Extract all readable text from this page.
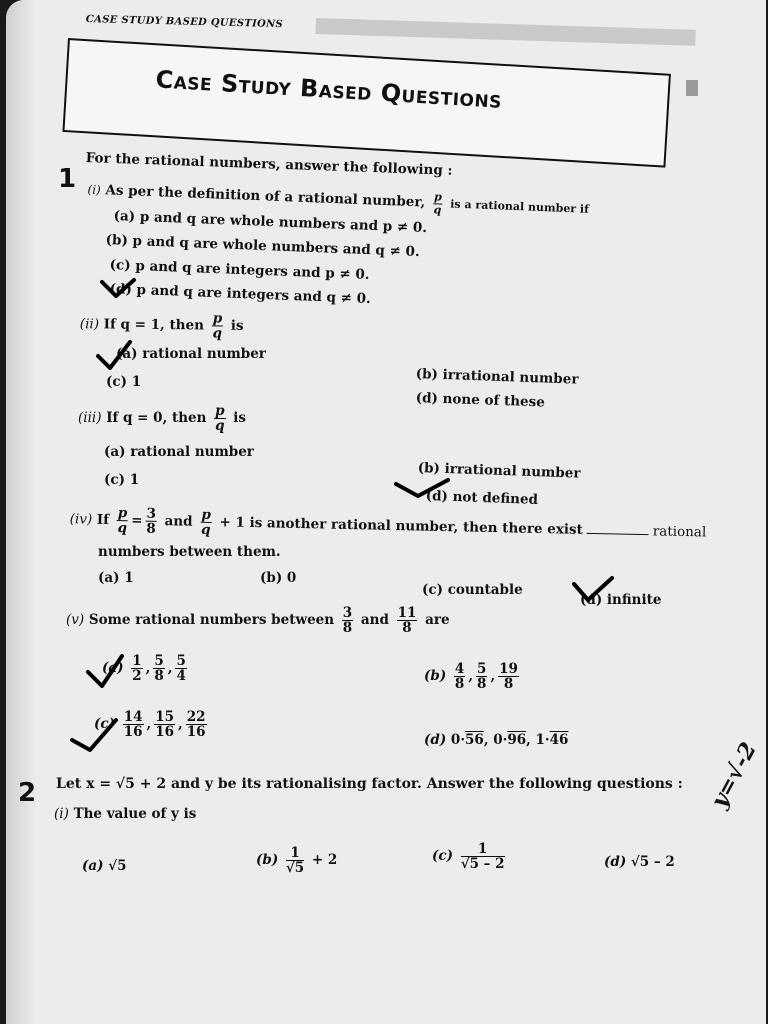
CASE STUDY BASED QUESTIONS
Case Study Based Questions
1 For the rational numbers, answer the following :
(i) As per the definition of a rational number, $\frac{p}{q}$ is a rational number if
(a) p and q are whole numbers and p ≠ 0.
(b) p and q are whole numbers and q ≠ 0.
(c) p and q are integers and p ≠ 0.
(d) p and q are integers and q ≠ 0.
(ii) If q = 1, then $\frac{p}{q}$ is
(a) rational number
(b) irrational number
(c) 1
(d) none of these
(iii) If q = 0, then $\frac{p}{q}$ is
(a) rational number
(b) irrational number
(c) 1
(d) not defined
(iv) If $\frac{p}{q} = \frac{3}{8}$ and $\frac{p}{q} + 1$ is another rational number, then there exist	rational
numbers between them.
(a) 1	(b) 0
(c) countable
(d) infinite
(v) Some rational numbers between $\frac{3}{8}$ and $\frac{11}{8}$ are
$(a) \frac{1}{2}$ , $\frac{5}{8}$ , $\frac{5}{4}$	$(b) \frac{4}{8}$ , $\frac{5}{8}$ , $\frac{19}{8}$
$(c) \frac{14}{16}$ , $\frac{15}{16}$ , $\frac{22}{16}$
(d) 0·56, 0·96, 1·46
2 Let x = √5 + 2 and y be its rationalising factor. Answer the following questions :
(i) The value of y is
(a) √5	$(b) \frac{1}{√5} + 2$	$(c) \frac{1}{√5 - 2}$	(d) √5 – 2
y=√-2
